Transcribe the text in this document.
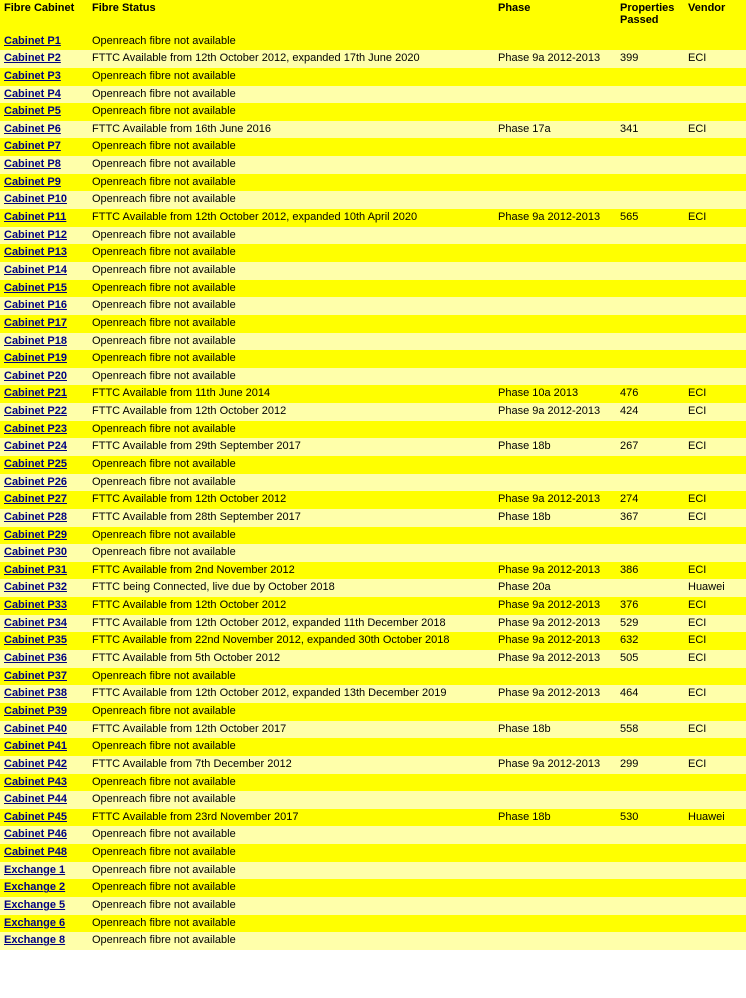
Fibre Cabinet	Fibre Status	Phase	Properties Passed	Vendor
Cabinet P1	Openreach fibre not available			
Cabinet P2	FTTC Available from 12th October 2012, expanded 17th June 2020	Phase 9a 2012-2013	399	ECI
Cabinet P3	Openreach fibre not available			
Cabinet P4	Openreach fibre not available			
Cabinet P5	Openreach fibre not available			
Cabinet P6	FTTC Available from 16th June 2016	Phase 17a	341	ECI
Cabinet P7	Openreach fibre not available			
Cabinet P8	Openreach fibre not available			
Cabinet P9	Openreach fibre not available			
Cabinet P10	Openreach fibre not available			
Cabinet P11	FTTC Available from 12th October 2012, expanded 10th April 2020	Phase 9a 2012-2013	565	ECI
Cabinet P12	Openreach fibre not available			
Cabinet P13	Openreach fibre not available			
Cabinet P14	Openreach fibre not available			
Cabinet P15	Openreach fibre not available			
Cabinet P16	Openreach fibre not available			
Cabinet P17	Openreach fibre not available			
Cabinet P18	Openreach fibre not available			
Cabinet P19	Openreach fibre not available			
Cabinet P20	Openreach fibre not available			
Cabinet P21	FTTC Available from 11th June 2014	Phase 10a 2013	476	ECI
Cabinet P22	FTTC Available from 12th October 2012	Phase 9a 2012-2013	424	ECI
Cabinet P23	Openreach fibre not available			
Cabinet P24	FTTC Available from 29th September 2017	Phase 18b	267	ECI
Cabinet P25	Openreach fibre not available			
Cabinet P26	Openreach fibre not available			
Cabinet P27	FTTC Available from 12th October 2012	Phase 9a 2012-2013	274	ECI
Cabinet P28	FTTC Available from 28th September 2017	Phase 18b	367	ECI
Cabinet P29	Openreach fibre not available			
Cabinet P30	Openreach fibre not available			
Cabinet P31	FTTC Available from 2nd November 2012	Phase 9a 2012-2013	386	ECI
Cabinet P32	FTTC being Connected, live due by October 2018	Phase 20a		Huawei
Cabinet P33	FTTC Available from 12th October 2012	Phase 9a 2012-2013	376	ECI
Cabinet P34	FTTC Available from 12th October 2012, expanded 11th December 2018	Phase 9a 2012-2013	529	ECI
Cabinet P35	FTTC Available from 22nd November 2012, expanded 30th October 2018	Phase 9a 2012-2013	632	ECI
Cabinet P36	FTTC Available from 5th October 2012	Phase 9a 2012-2013	505	ECI
Cabinet P37	Openreach fibre not available			
Cabinet P38	FTTC Available from 12th October 2012, expanded 13th December 2019	Phase 9a 2012-2013	464	ECI
Cabinet P39	Openreach fibre not available			
Cabinet P40	FTTC Available from 12th October 2017	Phase 18b	558	ECI
Cabinet P41	Openreach fibre not available			
Cabinet P42	FTTC Available from 7th December 2012	Phase 9a 2012-2013	299	ECI
Cabinet P43	Openreach fibre not available			
Cabinet P44	Openreach fibre not available			
Cabinet P45	FTTC Available from 23rd November 2017	Phase 18b	530	Huawei
Cabinet P46	Openreach fibre not available			
Cabinet P48	Openreach fibre not available			
Exchange 1	Openreach fibre not available			
Exchange 2	Openreach fibre not available			
Exchange 5	Openreach fibre not available			
Exchange 6	Openreach fibre not available			
Exchange 8	Openreach fibre not available			
